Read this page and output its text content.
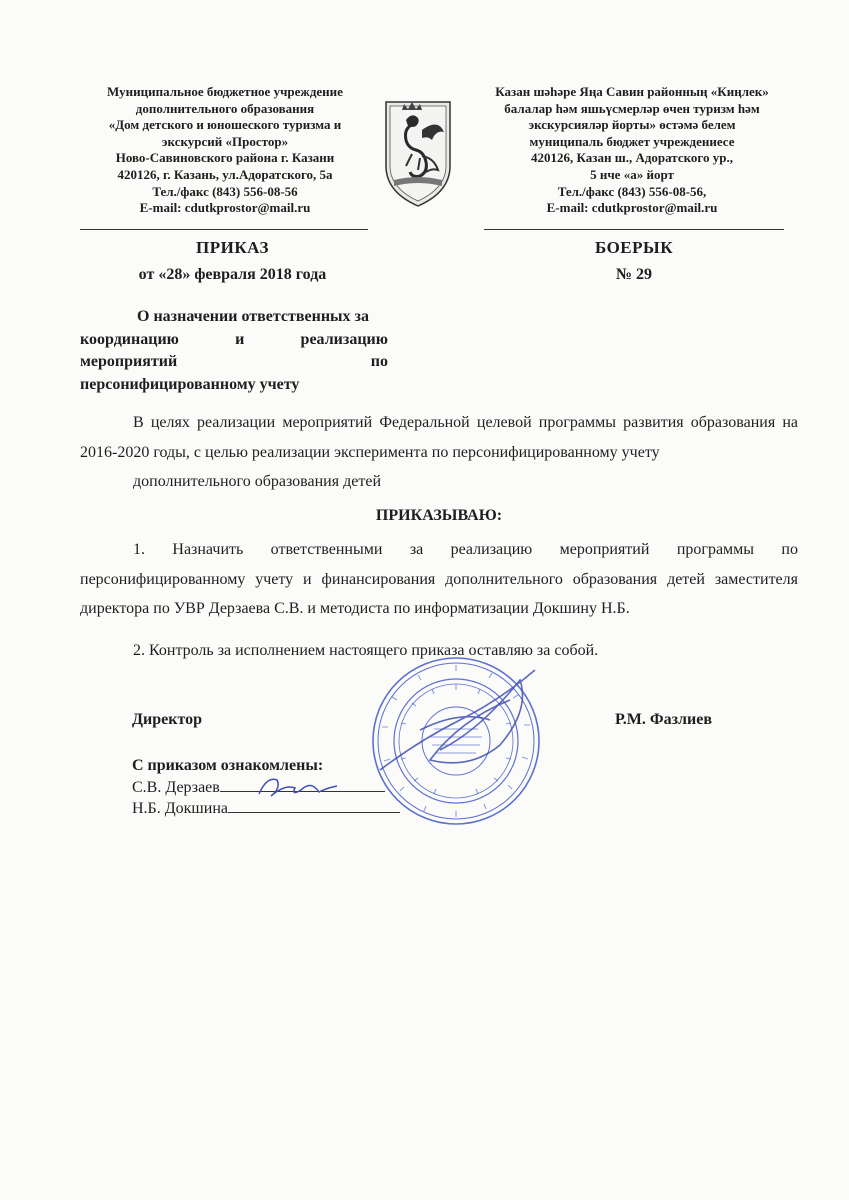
Муниципальное бюджетное учреждение
дополнительного образования
«Дом детского и юношеского туризма и
экскурсий «Простор»
Ново-Савиновского района г. Казани
420126, г. Казань, ул.Адоратского, 5а
Тел./факс (843) 556-08-56
E-mail: cdutkprostor@mail.ru
Казан шәһәре Яңа Савин районның «Киңлек»
балалар һәм яшьүсмерләр өчен туризм һәм
экскурсияләр йорты» өстәмә белем
муниципаль бюджет учреждениесе
420126, Казан ш., Адоратского ур.,
5 нче «а» йорт
Тел./факс (843) 556-08-56,
E-mail: cdutkprostor@mail.ru
ПРИКАЗ	БОЕРЫК
от «28» февраля 2018 года	№ 29
О назначении ответственных за
координацию	и	реализацию
мероприятий	по
персонифицированному учету
В целях реализации мероприятий Федеральной целевой программы развития образования на 2016-2020 годы, с целью реализации эксперимента по персонифицированному учету
дополнительного образования детей
ПРИКАЗЫВАЮ:
1. Назначить ответственными за реализацию мероприятий программы по персонифицированному учету и финансирования дополнительного образования детей заместителя директора по УВР Дерзаева С.В. и методиста по информатизации Докшину Н.Б.
2. Контроль за исполнением настоящего приказа оставляю за собой.
Директор	Р.М. Фазлиев
С приказом ознакомлены:
С.В. Дерзаев
Н.Б. Докшина
